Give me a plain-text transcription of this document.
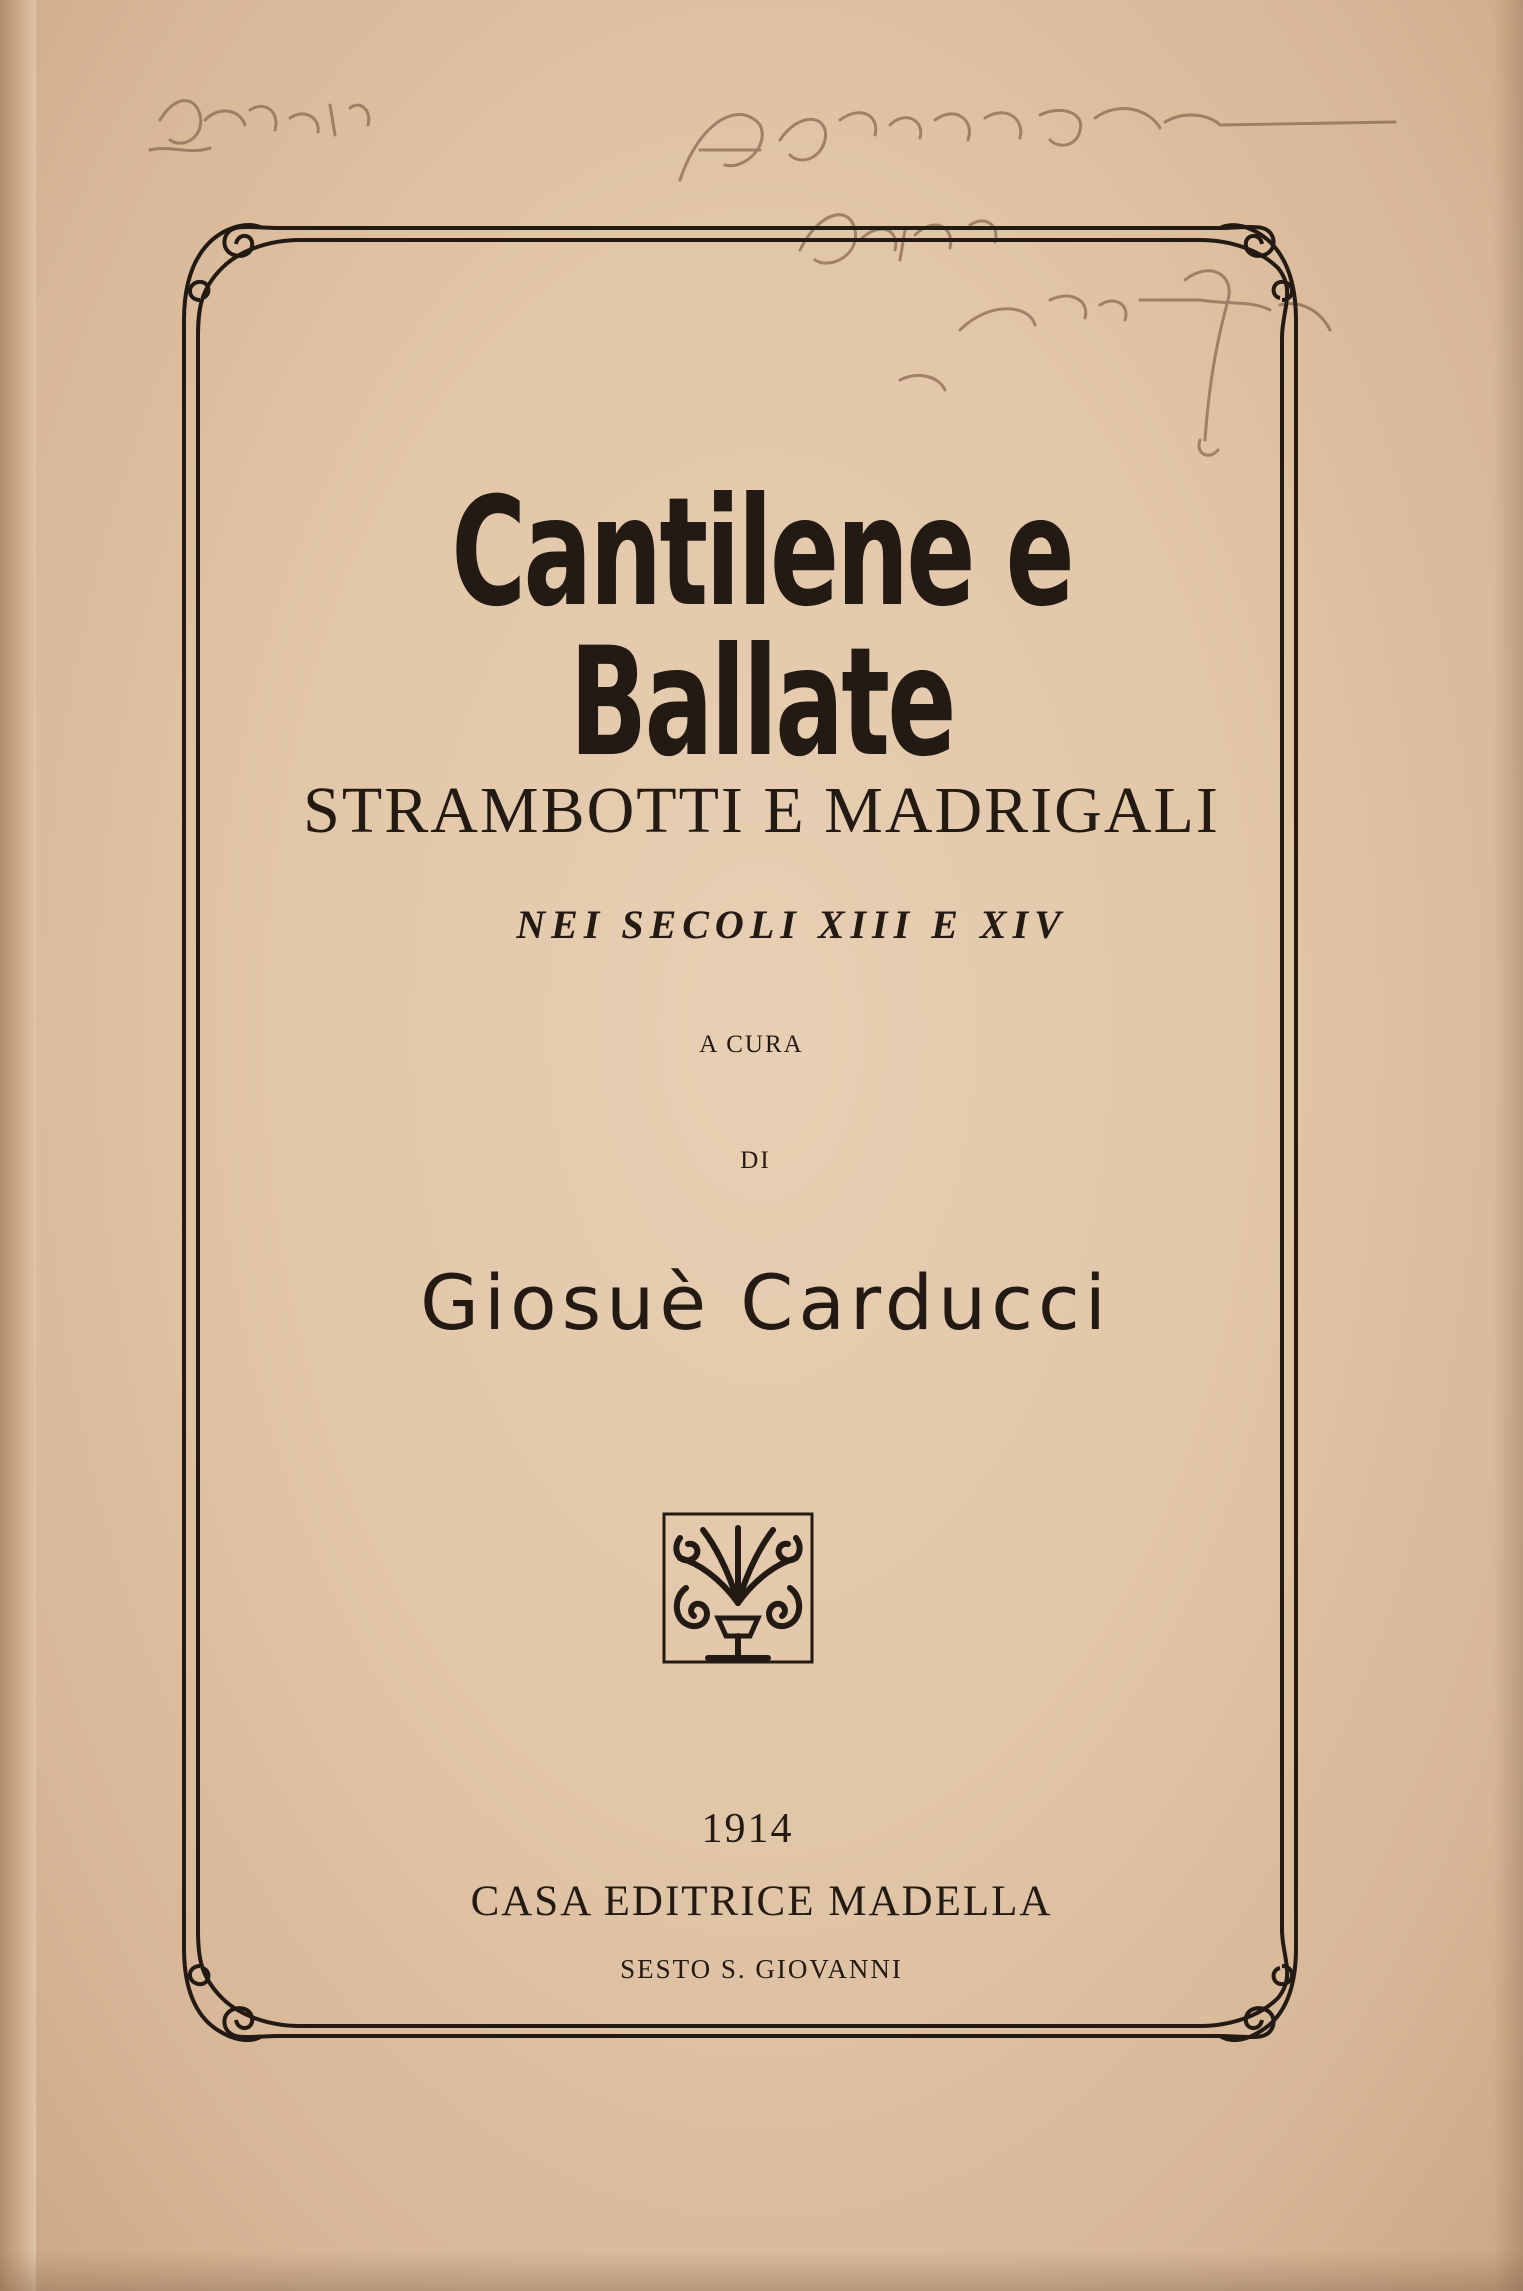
Cantilene e Ballate
STRAMBOTTI E MADRIGALI
NEI SECOLI XIII E XIV
A CURA
DI
Giosuè Carducci
1914
CASA EDITRICE MADELLA
SESTO S. GIOVANNI
